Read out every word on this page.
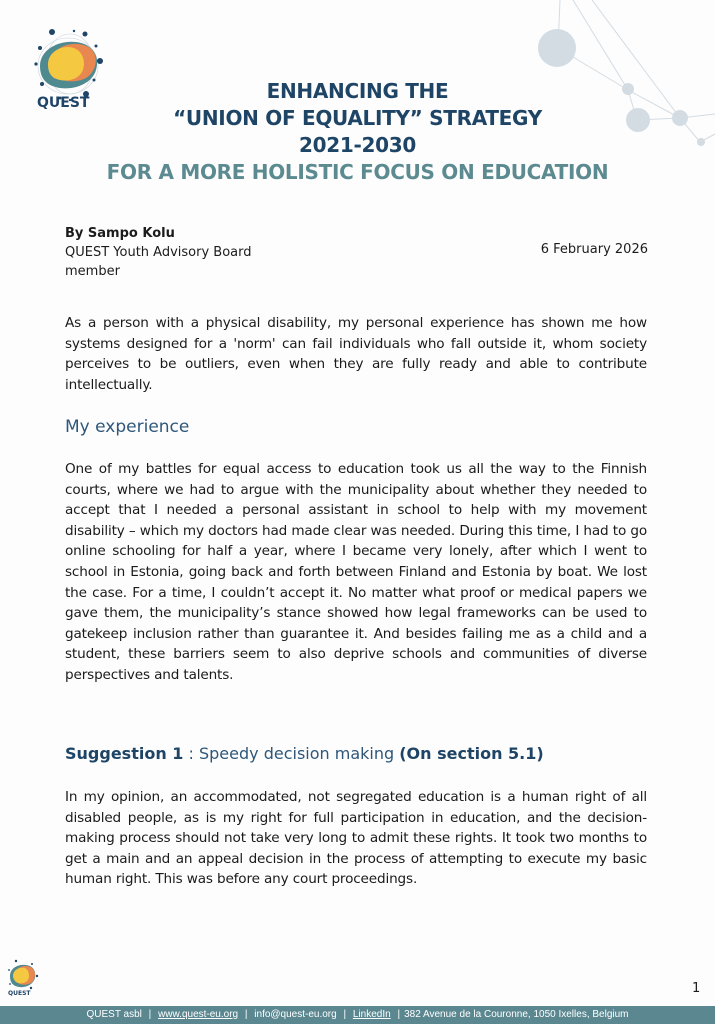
QUEST	ENHANCING THE
“UNION OF EQUALITY” STRATEGY
2021-2030
FOR A MORE HOLISTIC FOCUS ON EDUCATION
By Sampo Kolu
QUEST Youth Advisory Board member
6 February 2026

As a person with a physical disability, my personal experience has shown me how systems designed for a 'norm' can fail individuals who fall outside it, whom society perceives to be outliers, even when they are fully ready and able to contribute intellectually.

My experience

One of my battles for equal access to education took us all the way to the Finnish courts, where we had to argue with the municipality about whether they needed to accept that I needed a personal assistant in school to help with my movement disability – which my doctors had made clear was needed. During this time, I had to go online schooling for half a year, where I became very lonely, after which I went to school in Estonia, going back and forth between Finland and Estonia by boat. We lost the case. For a time, I couldn’t accept it. No matter what proof or medical papers we gave them, the municipality’s stance showed how legal frameworks can be used to gatekeep inclusion rather than guarantee it. And besides failing me as a child and a student, these barriers seem to also deprive schools and communities of diverse perspectives and talents.

Suggestion 1 : Speedy decision making (On section 5.1)

In my opinion, an accommodated, not segregated education is a human right of all disabled people, as is my right for full participation in education, and the decision-making process should not take very long to admit these rights. It took two months to get a main and an appeal decision in the process of attempting to execute my basic human right. This was before any court proceedings.

QUEST	1
QUEST asbl | www.quest-eu.org | info@quest-eu.org | LinkedIn | 382 Avenue de la Couronne, 1050 Ixelles, Belgium
